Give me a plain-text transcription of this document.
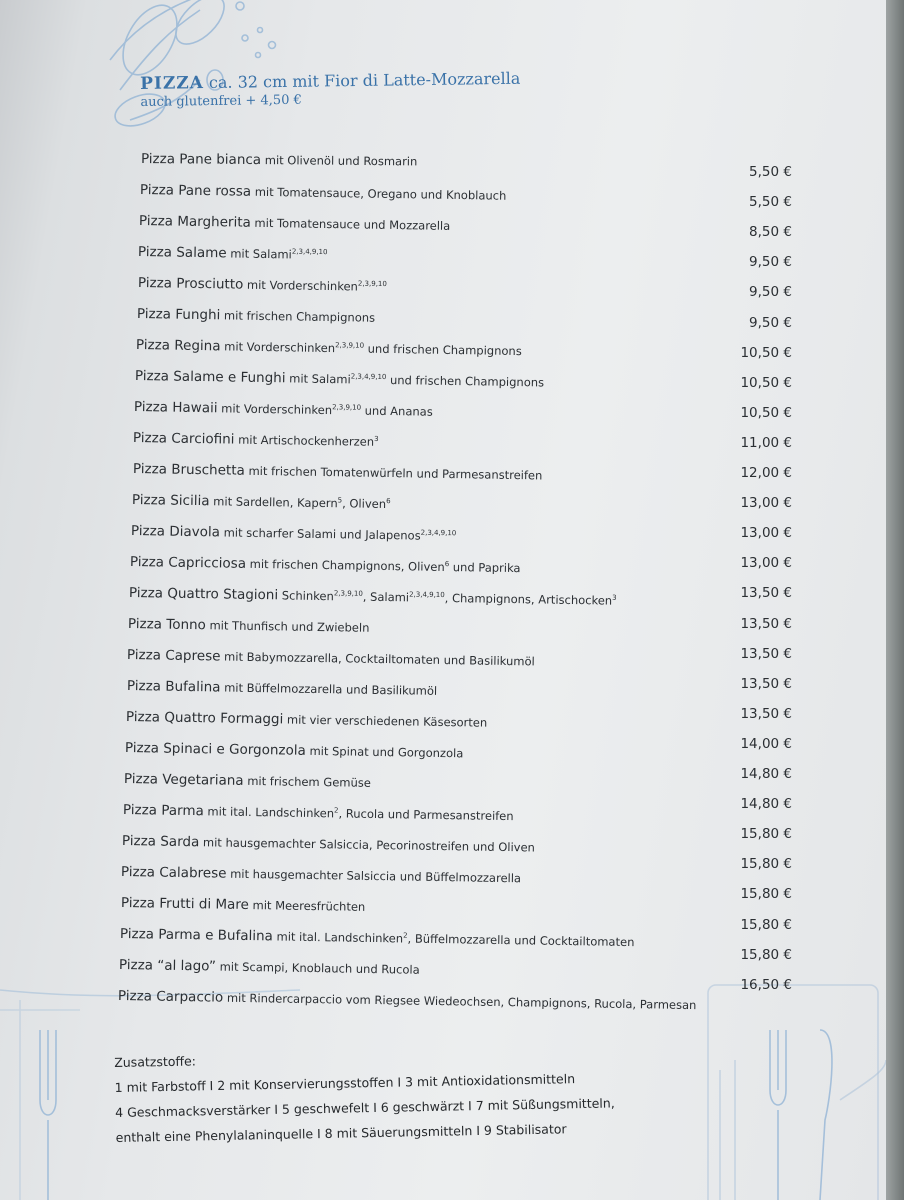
PIZZA ca. 32 cm mit Fior di Latte-Mozzarella
auch glutenfrei + 4,50 €
Pizza Pane bianca mit Olivenöl und Rosmarin
Pizza Pane rossa mit Tomatensauce, Oregano und Knoblauch
Pizza Margherita mit Tomatensauce und Mozzarella
Pizza Salame mit Salami$^{2,3,4,9,10}$
Pizza Prosciutto mit Vorderschinken$^{2,3,9,10}$
Pizza Funghi mit frischen Champignons
Pizza Regina mit Vorderschinken$^{2,3,9,10}$ und frischen Champignons
Pizza Salame e Funghi mit Salami$^{2,3,4,9,10}$ und frischen Champignons
Pizza Hawaii mit Vorderschinken$^{2,3,9,10}$ und Ananas
Pizza Carciofini mit Artischockenherzen$^3$
Pizza Bruschetta mit frischen Tomatenwürfeln und Parmesanstreifen
Pizza Sicilia mit Sardellen, Kapern$^5$, Oliven$^6$
Pizza Diavola mit scharfer Salami und Jalapenos$^{2,3,4,9,10}$
Pizza Capricciosa mit frischen Champignons, Oliven$^6$ und Paprika
Pizza Quattro Stagioni Schinken$^{2,3,9,10}$, Salami$^{2,3,4,9,10}$, Champignons, Artischocken$^3$
Pizza Tonno mit Thunfisch und Zwiebeln
Pizza Caprese mit Babymozzarella, Cocktailtomaten und Basilikumöl
Pizza Bufalina mit Büffelmozzarella und Basilikumöl
Pizza Quattro Formaggi mit vier verschiedenen Käsesorten
Pizza Spinaci e Gorgonzola mit Spinat und Gorgonzola
Pizza Vegetariana mit frischem Gemüse
Pizza Parma mit ital. Landschinken$^2$, Rucola und Parmesanstreifen
Pizza Sarda mit hausgemachter Salsiccia, Pecorinostreifen und Oliven
Pizza Calabrese mit hausgemachter Salsiccia und Büffelmozzarella
Pizza Frutti di Mare mit Meeresfrüchten
Pizza Parma e Bufalina mit ital. Landschinken$^2$, Büffelmozzarella und Cocktailtomaten
Pizza “al lago” mit Scampi, Knoblauch und Rucola
Pizza Carpaccio mit Rindercarpaccio vom Riegsee Wiedeochsen, Champignons, Rucola, Parmesan
5,50 €
5,50 €
8,50 €
9,50 €
9,50 €
9,50 €
10,50 €
10,50 €
10,50 €
11,00 €
12,00 €
13,00 €
13,00 €
13,00 €
13,50 €
13,50 €
13,50 €
13,50 €
13,50 €
14,00 €
14,80 €
14,80 €
15,80 €
15,80 €
15,80 €
15,80 €
15,80 €
16,50 €
Zusatzstoffe:
1 mit Farbstoff I 2 mit Konservierungsstoffen I 3 mit Antioxidationsmitteln
4 Geschmacksverstärker I 5 geschwefelt I 6 geschwärzt I 7 mit Süßungsmitteln,
enthalt eine Phenylalaninquelle I 8 mit Säuerungsmitteln I 9 Stabilisator
